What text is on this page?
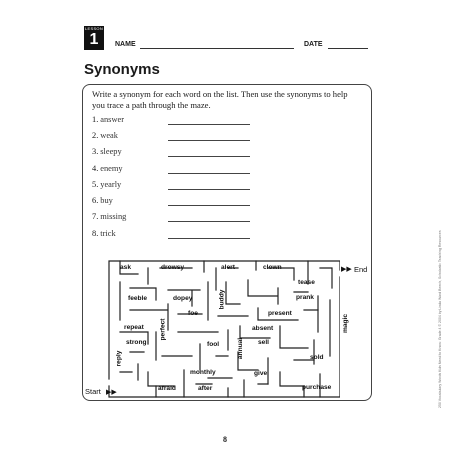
LESSON
1	NAME	DATE
Synonyms
Write a synonym for each word on the list. Then use the synonyms to help you trace a path through the maze.
1. answer
2. weak
3. sleepy
4. enemy
5. yearly
6. buy
7. missing
8. trick
ask	drowsy	alert	clown
tease
feeble	dopey	buddy	prank
repeat
foe	present
perfect	absent	magic
strong	fool	annual sell
reply
monthly
sold
give
afraid	after	purchase
▶▶ End
Start ▶▶
8
250 Vocabulary Words Kids Need to Know: Grade 4 © 2004 by Linda Ward Beech, Scholastic Teaching Resources
